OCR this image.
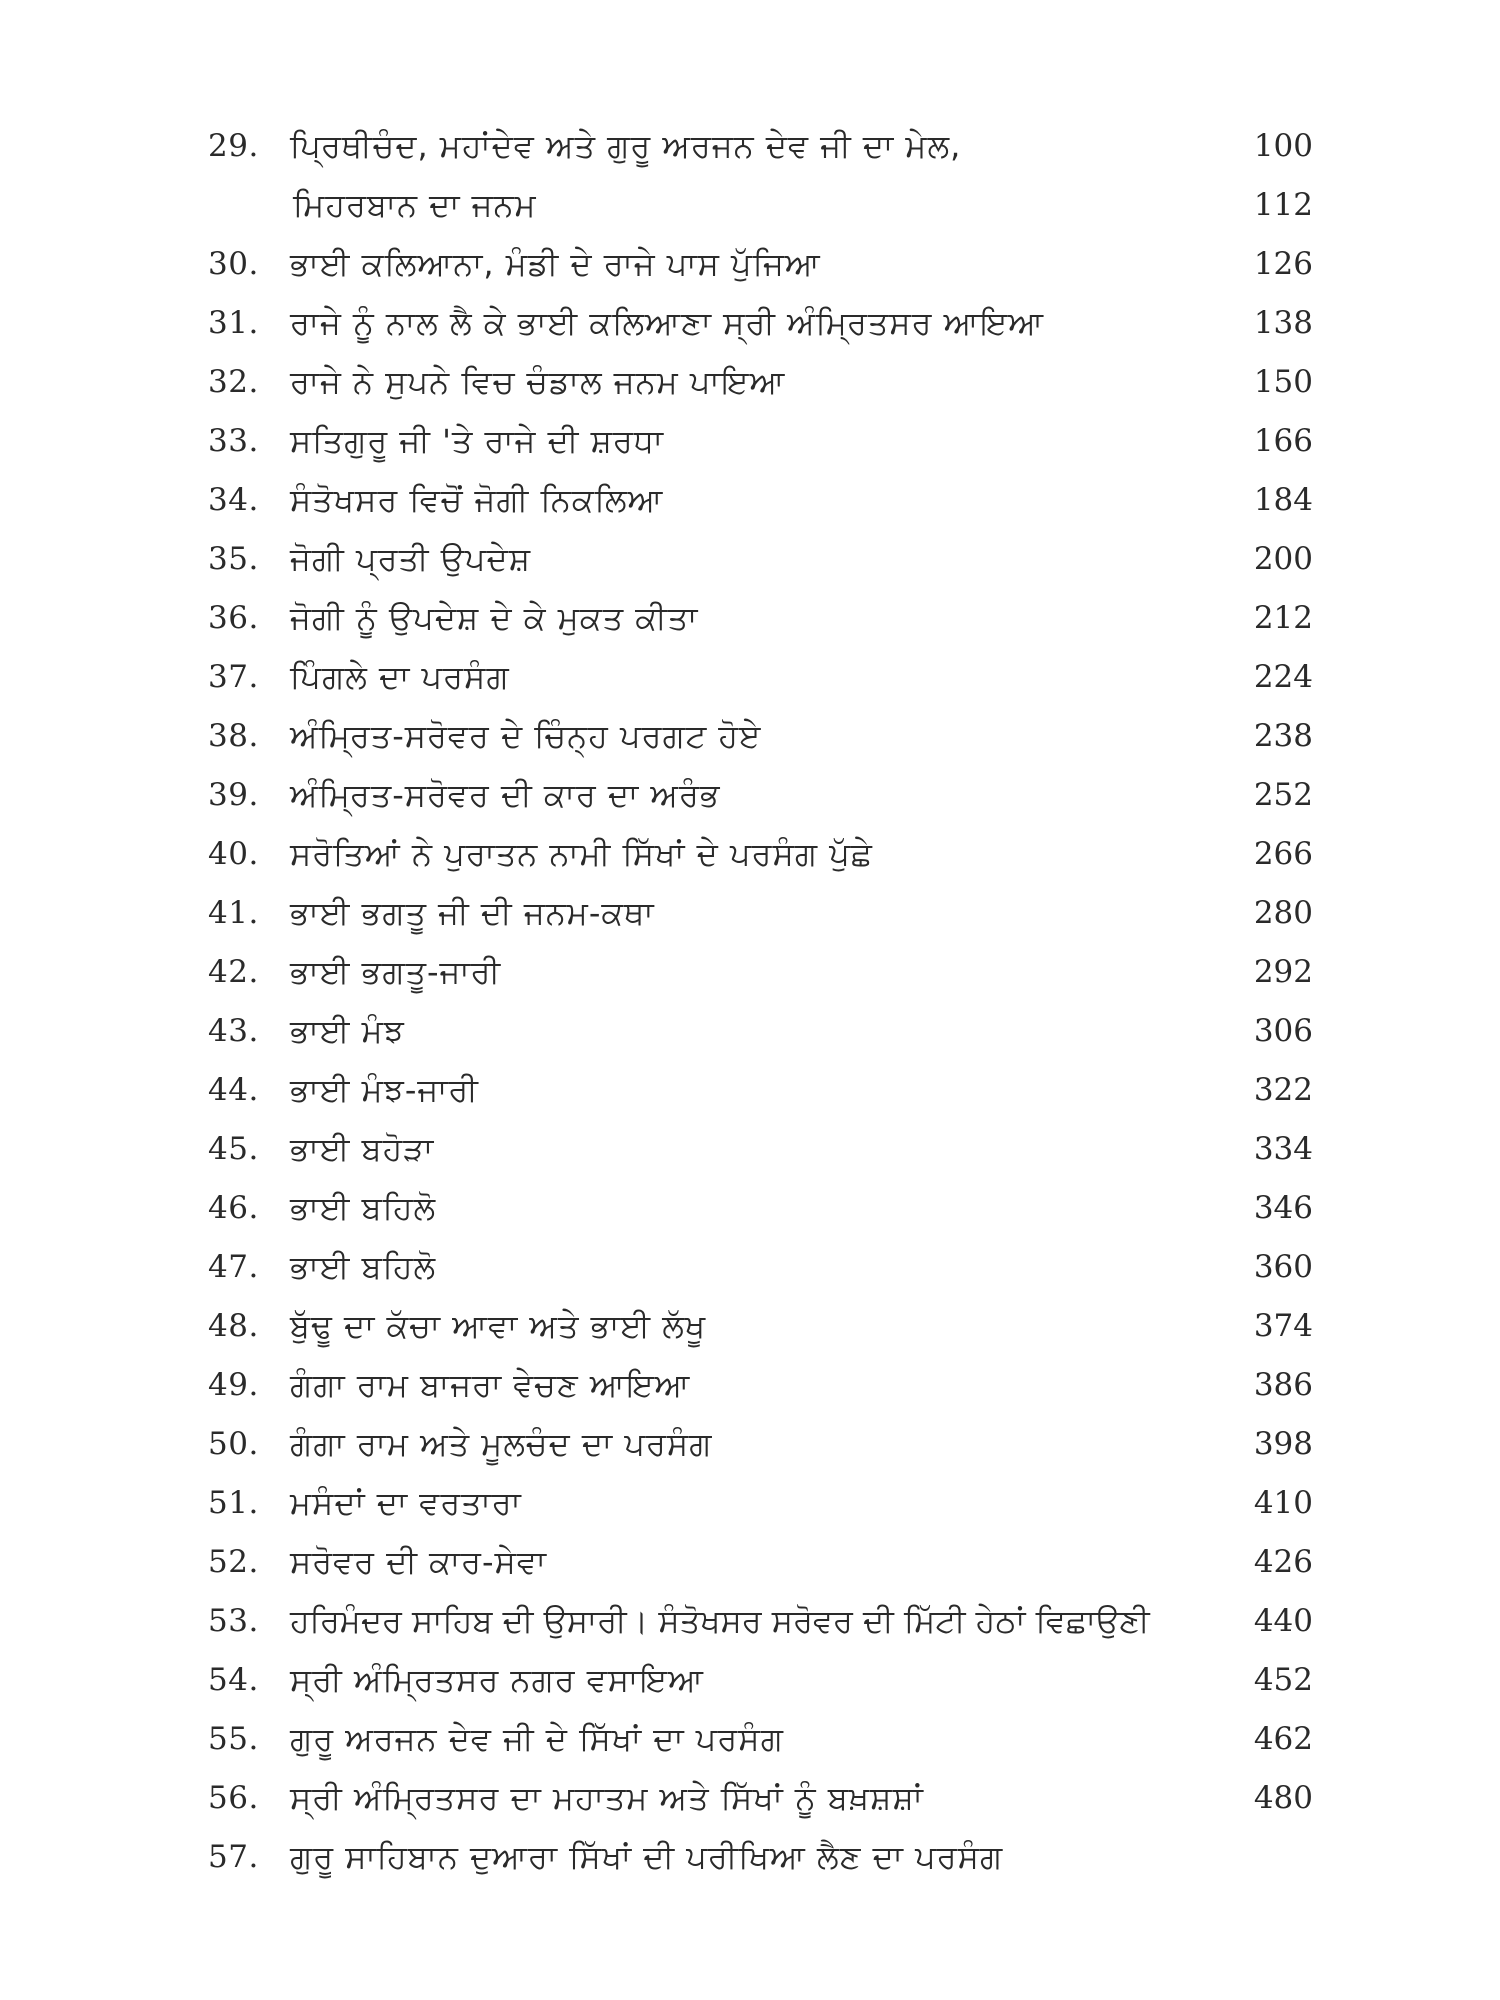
29. ਪ੍ਰਿਥੀਚੰਦ, ਮਹਾਂਦੇਵ ਅਤੇ ਗੁਰੂ ਅਰਜਨ ਦੇਵ ਜੀ ਦਾ ਮੇਲ,	100
ਮਿਹਰਬਾਨ ਦਾ ਜਨਮ	112
30. ਭਾਈ ਕਲਿਆਨਾ, ਮੰਡੀ ਦੇ ਰਾਜੇ ਪਾਸ ਪੁੱਜਿਆ	126
31. ਰਾਜੇ ਨੂੰ ਨਾਲ ਲੈ ਕੇ ਭਾਈ ਕਲਿਆਣਾ ਸ੍ਰੀ ਅੰਮ੍ਰਿਤਸਰ ਆਇਆ	138
32. ਰਾਜੇ ਨੇ ਸੁਪਨੇ ਵਿਚ ਚੰਡਾਲ ਜਨਮ ਪਾਇਆ	150
33. ਸਤਿਗੁਰੂ ਜੀ 'ਤੇ ਰਾਜੇ ਦੀ ਸ਼ਰਧਾ	166
34. ਸੰਤੋਖਸਰ ਵਿਚੋਂ ਜੋਗੀ ਨਿਕਲਿਆ	184
35. ਜੋਗੀ ਪ੍ਰਤੀ ਉਪਦੇਸ਼	200
36. ਜੋਗੀ ਨੂੰ ਉਪਦੇਸ਼ ਦੇ ਕੇ ਮੁਕਤ ਕੀਤਾ	212
37. ਪਿੰਗਲੇ ਦਾ ਪਰਸੰਗ	224
38. ਅੰਮ੍ਰਿਤ-ਸਰੋਵਰ ਦੇ ਚਿੰਨ੍ਹ ਪਰਗਟ ਹੋਏ	238
39. ਅੰਮ੍ਰਿਤ-ਸਰੋਵਰ ਦੀ ਕਾਰ ਦਾ ਅਰੰਭ	252
40. ਸਰੋਤਿਆਂ ਨੇ ਪੁਰਾਤਨ ਨਾਮੀ ਸਿੱਖਾਂ ਦੇ ਪਰਸੰਗ ਪੁੱਛੇ	266
41. ਭਾਈ ਭਗਤੂ ਜੀ ਦੀ ਜਨਮ-ਕਥਾ	280
42. ਭਾਈ ਭਗਤੂ-ਜਾਰੀ	292
43. ਭਾਈ ਮੰਝ	306
44. ਭਾਈ ਮੰਝ-ਜਾਰੀ	322
45. ਭਾਈ ਬਹੋੜਾ	334
46. ਭਾਈ ਬਹਿਲੋ	346
47. ਭਾਈ ਬਹਿਲੋ	360
48. ਬੁੱਢੂ ਦਾ ਕੱਚਾ ਆਵਾ ਅਤੇ ਭਾਈ ਲੱਖੂ	374
49. ਗੰਗਾ ਰਾਮ ਬਾਜਰਾ ਵੇਚਣ ਆਇਆ	386
50. ਗੰਗਾ ਰਾਮ ਅਤੇ ਮੂਲਚੰਦ ਦਾ ਪਰਸੰਗ	398
51. ਮਸੰਦਾਂ ਦਾ ਵਰਤਾਰਾ	410
52. ਸਰੋਵਰ ਦੀ ਕਾਰ-ਸੇਵਾ	426
53. ਹਰਿਮੰਦਰ ਸਾਹਿਬ ਦੀ ਉਸਾਰੀ। ਸੰਤੋਖਸਰ ਸਰੋਵਰ ਦੀ ਮਿੱਟੀ ਹੇਠਾਂ ਵਿਛਾਉਣੀ	440
54. ਸ੍ਰੀ ਅੰਮ੍ਰਿਤਸਰ ਨਗਰ ਵਸਾਇਆ	452
55. ਗੁਰੂ ਅਰਜਨ ਦੇਵ ਜੀ ਦੇ ਸਿੱਖਾਂ ਦਾ ਪਰਸੰਗ	462
56. ਸ੍ਰੀ ਅੰਮ੍ਰਿਤਸਰ ਦਾ ਮਹਾਤਮ ਅਤੇ ਸਿੱਖਾਂ ਨੂੰ ਬਖ਼ਸ਼ਸ਼ਾਂ	480
57. ਗੁਰੂ ਸਾਹਿਬਾਨ ਦੁਆਰਾ ਸਿੱਖਾਂ ਦੀ ਪਰੀਖਿਆ ਲੈਣ ਦਾ ਪਰਸੰਗ
